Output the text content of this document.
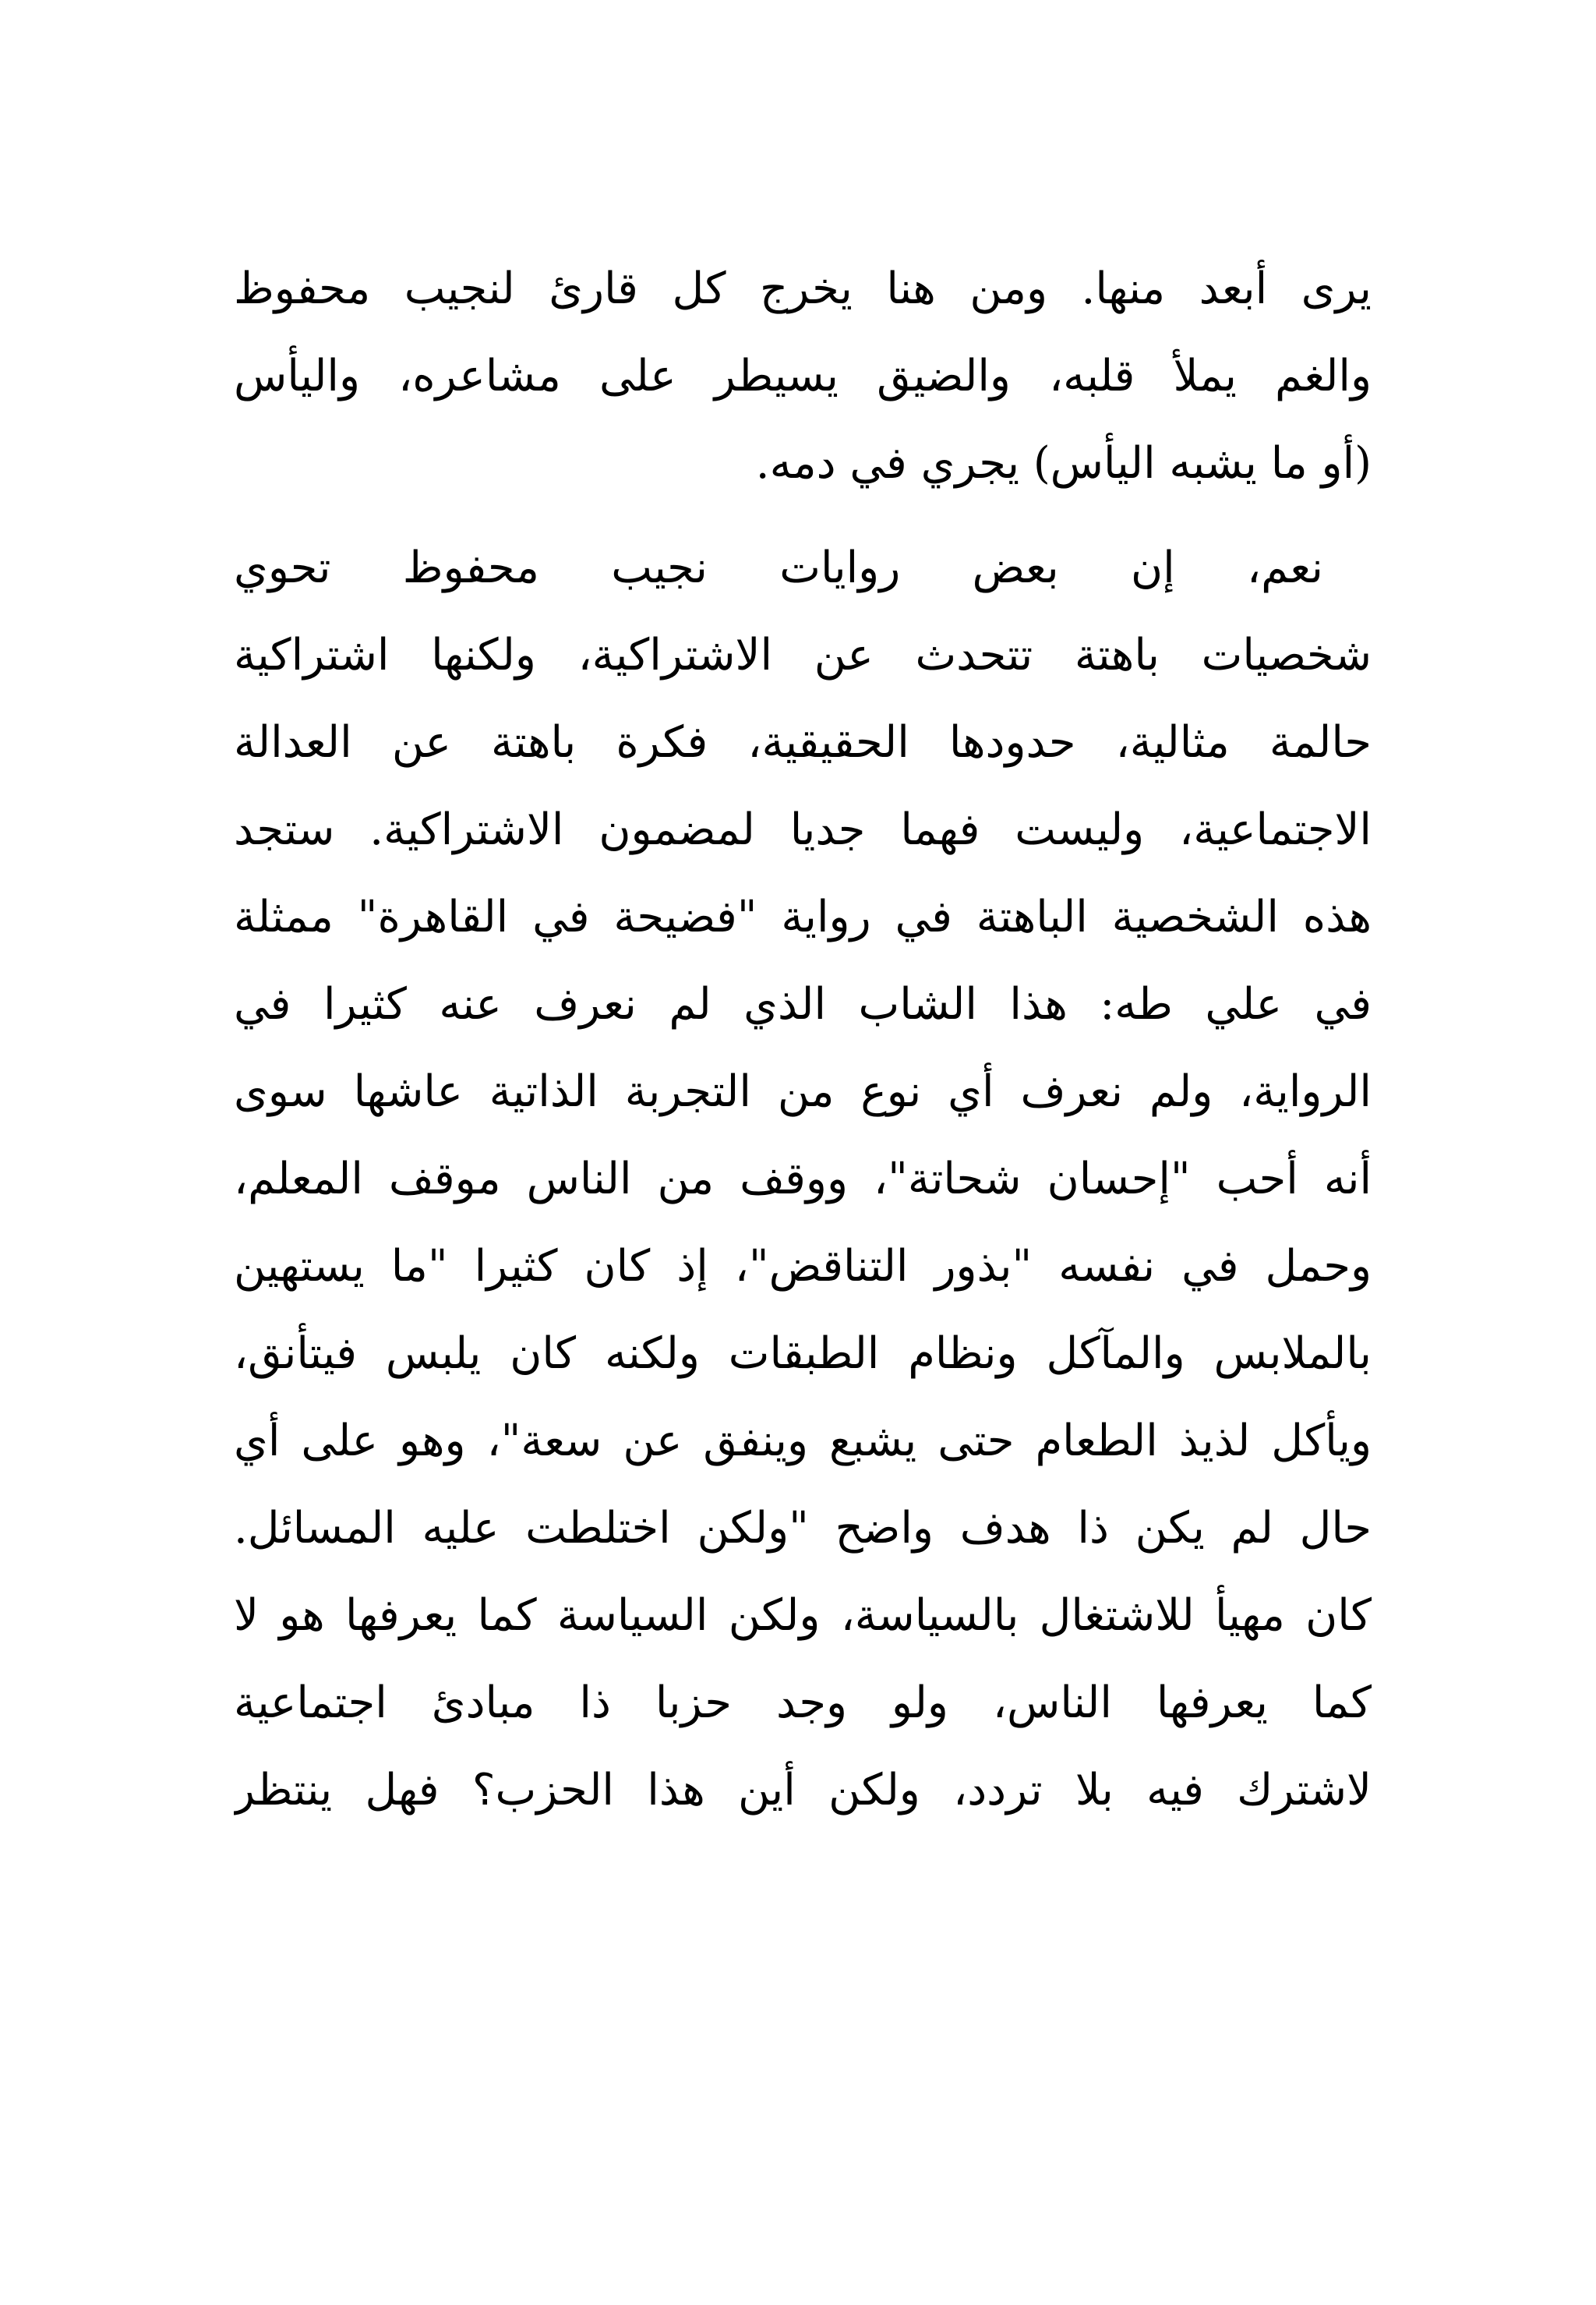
يرى أبعد منها. ومن هنا يخرج كل قارئ لنجيب محفوظ
والغم يملأ قلبه، والضيق يسيطر على مشاعره، واليأس
(أو ما يشبه اليأس) يجري في دمه.
نعم، إن بعض روايات نجيب محفوظ تحوي
شخصيات باهتة تتحدث عن الاشتراكية، ولكنها اشتراكية
حالمة مثالية، حدودها الحقيقية، فكرة باهتة عن العدالة
الاجتماعية، وليست فهما جديا لمضمون الاشتراكية. ستجد
هذه الشخصية الباهتة في رواية "فضيحة في القاهرة" ممثلة
في علي طه: هذا الشاب الذي لم نعرف عنه كثيرا في
الرواية، ولم نعرف أي نوع من التجربة الذاتية عاشها سوى
أنه أحب "إحسان شحاتة"، ووقف من الناس موقف المعلم،
وحمل في نفسه "بذور التناقض"، إذ كان كثيرا "ما يستهين
بالملابس والمآكل ونظام الطبقات ولكنه كان يلبس فيتأنق،
ويأكل لذيذ الطعام حتى يشبع وينفق عن سعة"، وهو على أي
حال لم يكن ذا هدف واضح "ولكن اختلطت عليه المسائل.
كان مهيأ للاشتغال بالسياسة، ولكن السياسة كما يعرفها هو لا
كما يعرفها الناس، ولو وجد حزبا ذا مبادئ اجتماعية
لاشترك فيه بلا تردد، ولكن أين هذا الحزب؟ فهل ينتظر
